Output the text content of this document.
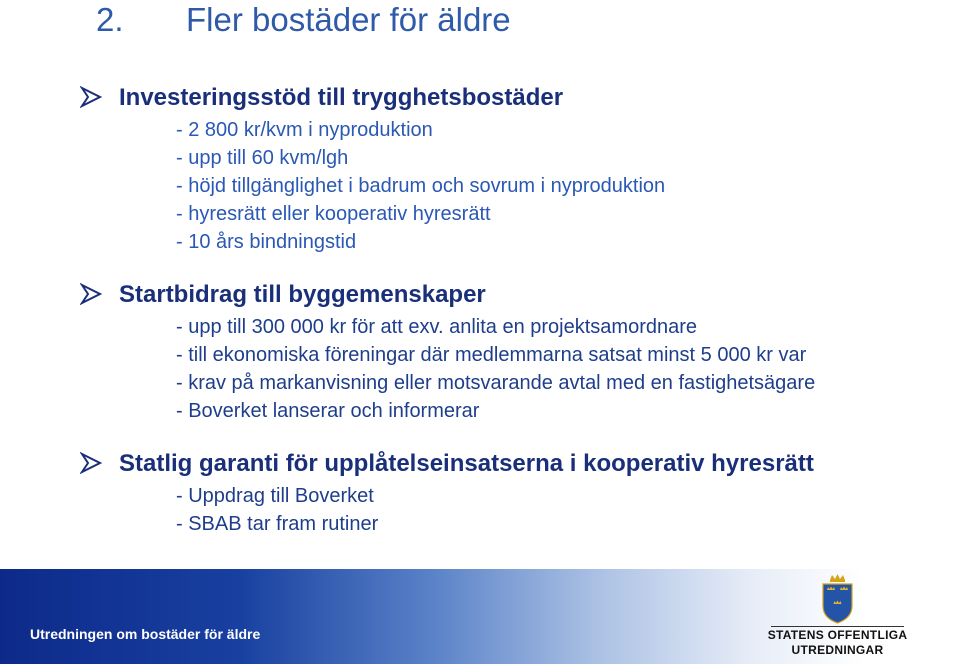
2. Fler bostäder för äldre
Investeringsstöd till trygghetsbostäder
- 2 800 kr/kvm i nyproduktion
- upp till 60 kvm/lgh
- höjd tillgänglighet i badrum och sovrum i nyproduktion
- hyresrätt eller kooperativ hyresrätt
- 10 års bindningstid
Startbidrag till byggemenskaper
- upp till 300 000 kr för att exv. anlita en projektsamordnare
- till ekonomiska föreningar där medlemmarna satsat minst 5 000 kr var
- krav på markanvisning eller motsvarande avtal med en fastighetsägare
- Boverket lanserar och informerar
Statlig garanti för upplåtelseinsatserna i kooperativ hyresrätt
- Uppdrag till Boverket
- SBAB tar fram rutiner
Utredningen om bostäder för äldre	STATENS OFFENTLIGA
UTREDNINGAR
